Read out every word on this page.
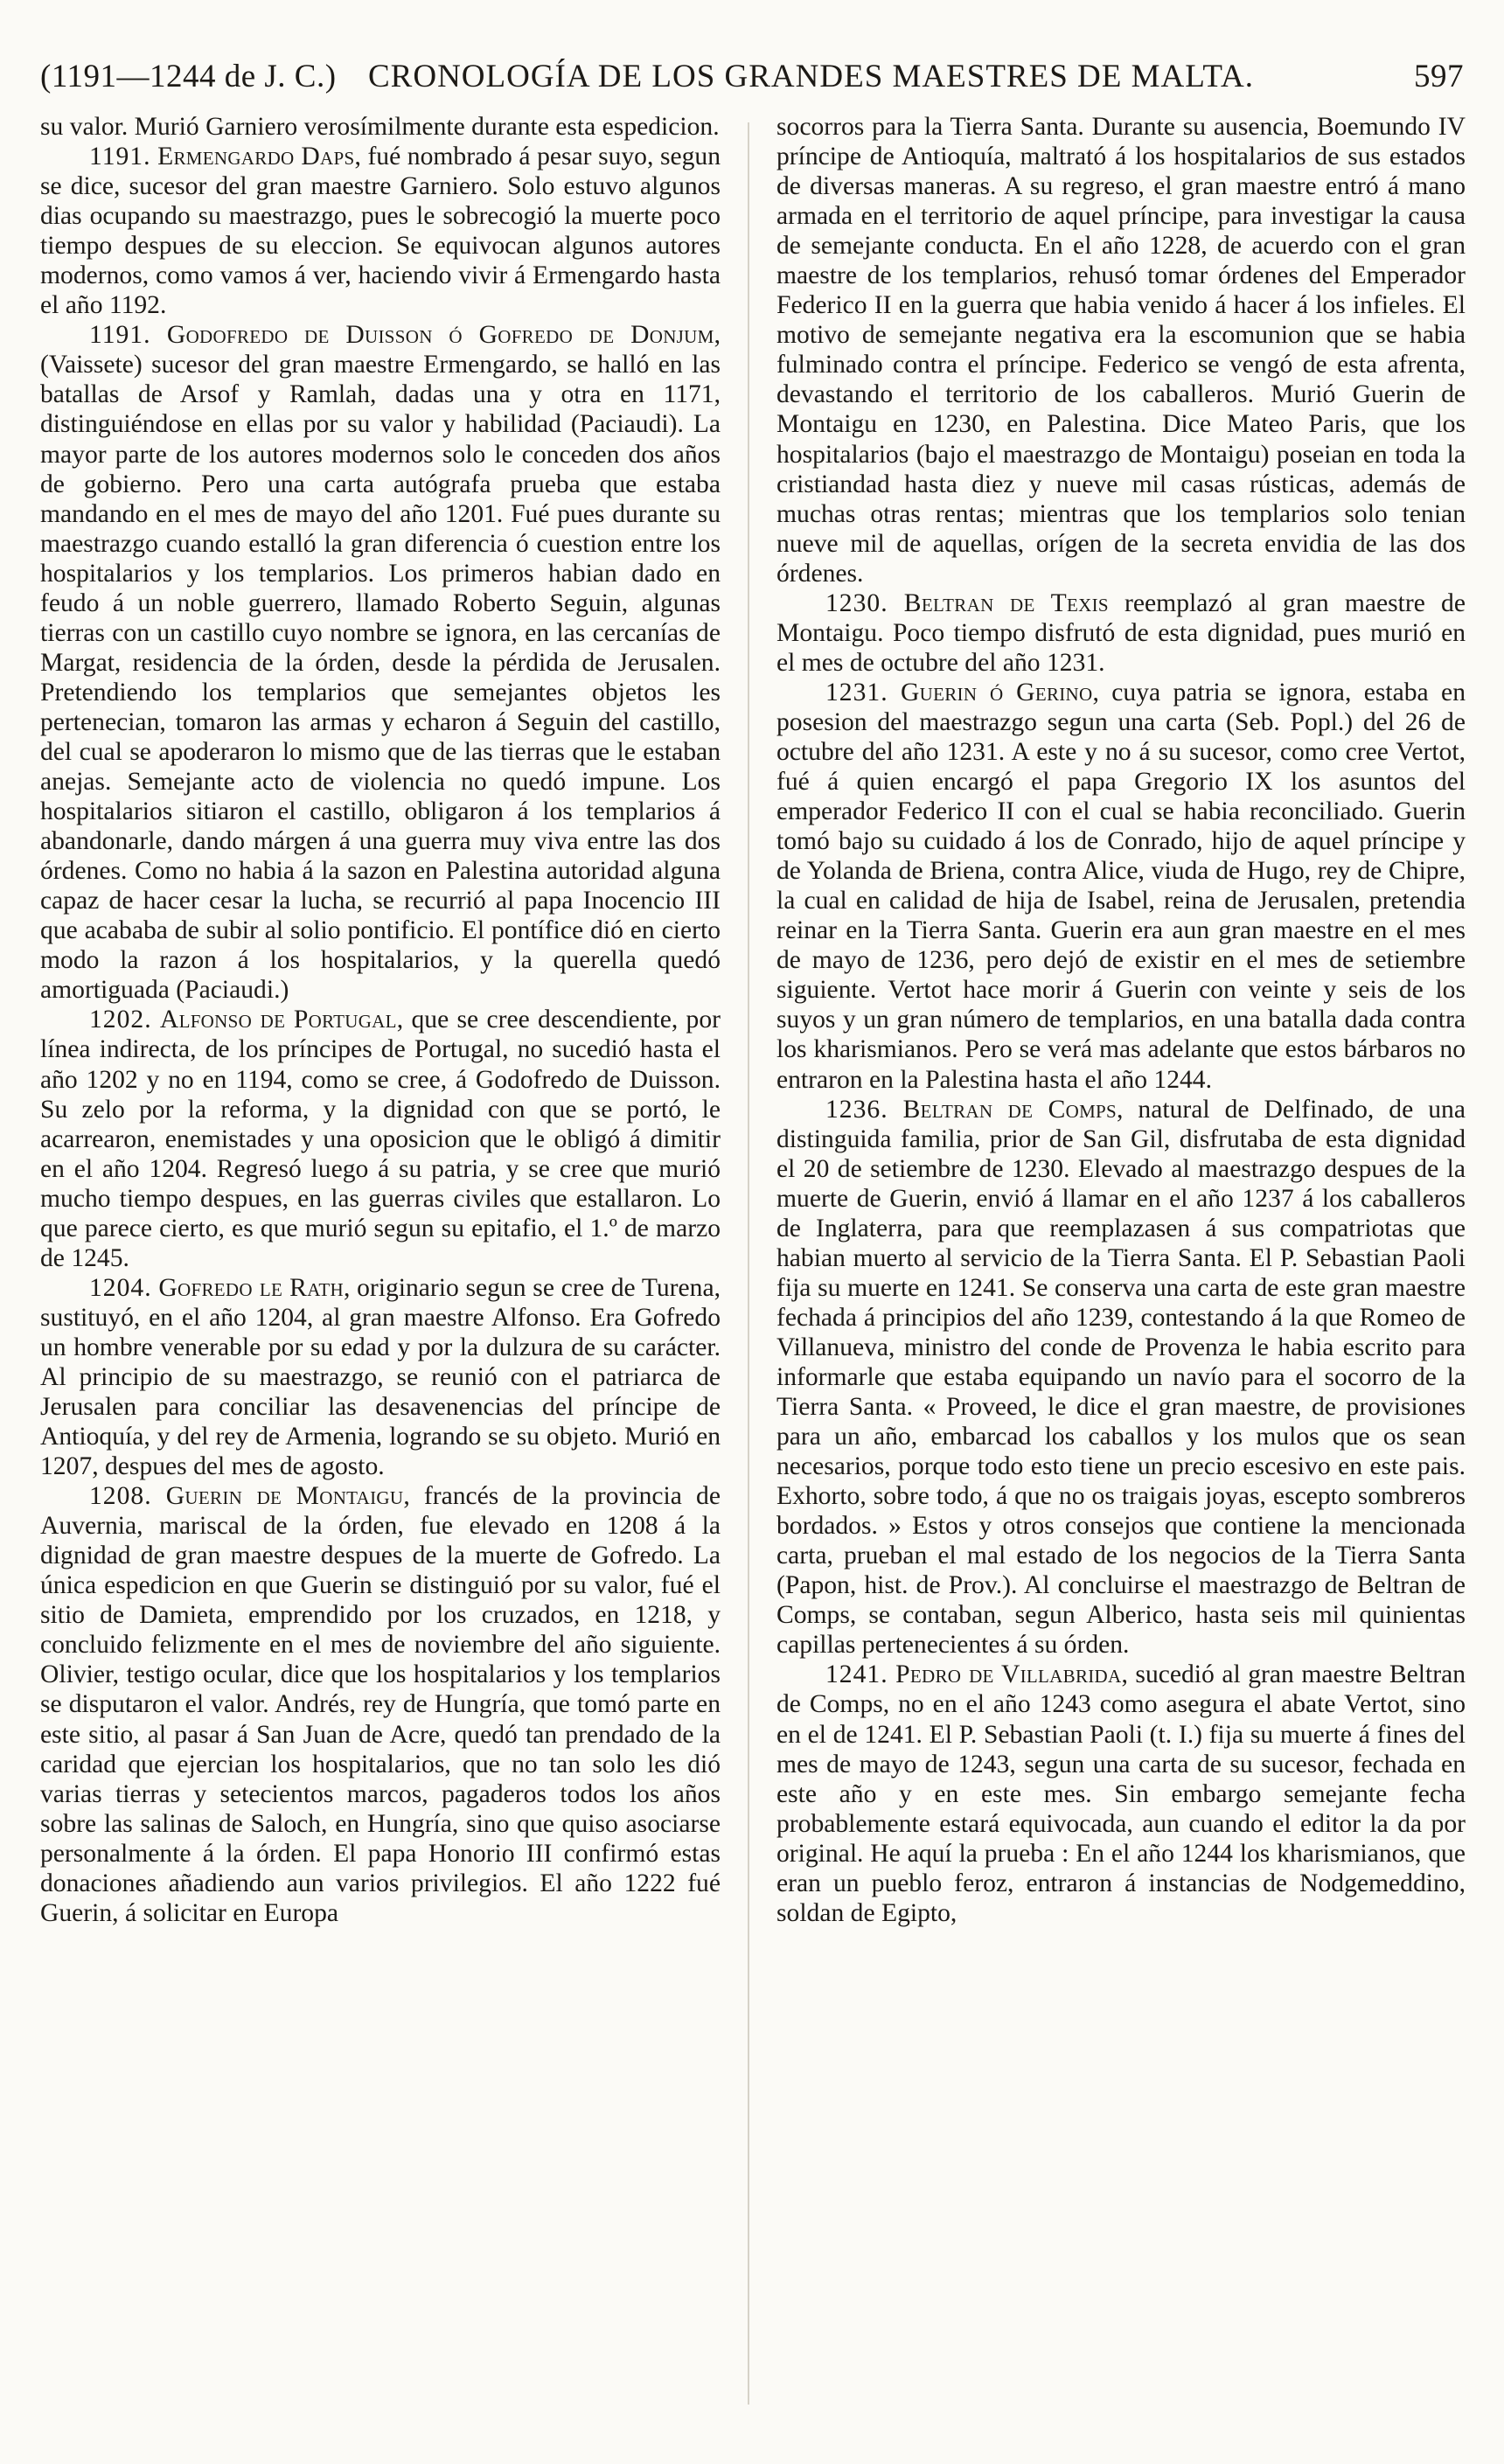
(1191—1244 de J. C.) CRONOLOGÍA DE LOS GRANDES MAESTRES DE MALTA.	597

su valor. Murió Garniero verosímilmente durante esta espedicion.

1191. Ermengardo Daps, fué nombrado á pesar suyo, segun se dice, sucesor del gran maestre Garniero. Solo estuvo algunos dias ocupando su maestrazgo, pues le sobrecogió la muerte poco tiempo despues de su eleccion. Se equivocan algunos autores modernos, como vamos á ver, haciendo vivir á Ermengardo hasta el año 1192.

1191. Godofredo de Duisson ó Gofredo de Donjum, (Vaissete) sucesor del gran maestre Ermengardo, se halló en las batallas de Arsof y Ramlah, dadas una y otra en 1171, distinguiéndose en ellas por su valor y habilidad (Paciaudi). La mayor parte de los autores modernos solo le conceden dos años de gobierno. Pero una carta autógrafa prueba que estaba mandando en el mes de mayo del año 1201. Fué pues durante su maestrazgo cuando estalló la gran diferencia ó cuestion entre los hospitalarios y los templarios. Los primeros habian dado en feudo á un noble guerrero, llamado Roberto Seguin, algunas tierras con un castillo cuyo nombre se ignora, en las cercanías de Margat, residencia de la órden, desde la pérdida de Jerusalen. Pretendiendo los templarios que semejantes objetos les pertenecian, tomaron las armas y echaron á Seguin del castillo, del cual se apoderaron lo mismo que de las tierras que le estaban anejas. Semejante acto de violencia no quedó impune. Los hospitalarios sitiaron el castillo, obligaron á los templarios á abandonarle, dando márgen á una guerra muy viva entre las dos órdenes. Como no habia á la sazon en Palestina autoridad alguna capaz de hacer cesar la lucha, se recurrió al papa Inocencio III que acababa de subir al solio pontificio. El pontífice dió en cierto modo la razon á los hospitalarios, y la querella quedó amortiguada (Paciaudi.)

1202. Alfonso de Portugal, que se cree descendiente, por línea indirecta, de los príncipes de Portugal, no sucedió hasta el año 1202 y no en 1194, como se cree, á Godofredo de Duisson. Su zelo por la reforma, y la dignidad con que se portó, le acarrearon, enemistades y una oposicion que le obligó á dimitir en el año 1204. Regresó luego á su patria, y se cree que murió mucho tiempo despues, en las guerras civiles que estallaron. Lo que parece cierto, es que murió segun su epitafio, el 1.º de marzo de 1245.

1204. Gofredo le Rath, originario segun se cree de Turena, sustituyó, en el año 1204, al gran maestre Alfonso. Era Gofredo un hombre venerable por su edad y por la dulzura de su carácter. Al principio de su maestrazgo, se reunió con el patriarca de Jerusalen para conciliar las desavenencias del príncipe de Antioquía, y del rey de Armenia, logrando se su objeto. Murió en 1207, despues del mes de agosto.

1208. Guerin de Montaigu, francés de la provincia de Auvernia, mariscal de la órden, fue elevado en 1208 á la dignidad de gran maestre despues de la muerte de Gofredo. La única espedicion en que Guerin se distinguió por su valor, fué el sitio de Damieta, emprendido por los cruzados, en 1218, y concluido felizmente en el mes de noviembre del año siguiente. Olivier, testigo ocular, dice que los hospitalarios y los templarios se disputaron el valor. Andrés, rey de Hungría, que tomó parte en este sitio, al pasar á San Juan de Acre, quedó tan prendado de la caridad que ejercian los hospitalarios, que no tan solo les dió varias tierras y setecientos marcos, pagaderos todos los años sobre las salinas de Saloch, en Hungría, sino que quiso asociarse personalmente á la órden. El papa Honorio III confirmó estas donaciones añadiendo aun varios privilegios. El año 1222 fué Guerin, á solicitar en Europa

socorros para la Tierra Santa. Durante su ausencia, Boemundo IV príncipe de Antioquía, maltrató á los hospitalarios de sus estados de diversas maneras. A su regreso, el gran maestre entró á mano armada en el territorio de aquel príncipe, para investigar la causa de semejante conducta. En el año 1228, de acuerdo con el gran maestre de los templarios, rehusó tomar órdenes del Emperador Federico II en la guerra que habia venido á hacer á los infieles. El motivo de semejante negativa era la escomunion que se habia fulminado contra el príncipe. Federico se vengó de esta afrenta, devastando el territorio de los caballeros. Murió Guerin de Montaigu en 1230, en Palestina. Dice Mateo Paris, que los hospitalarios (bajo el maestrazgo de Montaigu) poseian en toda la cristiandad hasta diez y nueve mil casas rústicas, además de muchas otras rentas; mientras que los templarios solo tenian nueve mil de aquellas, orígen de la secreta envidia de las dos órdenes.

1230. Beltran de Texis reemplazó al gran maestre de Montaigu. Poco tiempo disfrutó de esta dignidad, pues murió en el mes de octubre del año 1231.

1231. Guerin ó Gerino, cuya patria se ignora, estaba en posesion del maestrazgo segun una carta (Seb. Popl.) del 26 de octubre del año 1231. A este y no á su sucesor, como cree Vertot, fué á quien encargó el papa Gregorio IX los asuntos del emperador Federico II con el cual se habia reconciliado. Guerin tomó bajo su cuidado á los de Conrado, hijo de aquel príncipe y de Yolanda de Briena, contra Alice, viuda de Hugo, rey de Chipre, la cual en calidad de hija de Isabel, reina de Jerusalen, pretendia reinar en la Tierra Santa. Guerin era aun gran maestre en el mes de mayo de 1236, pero dejó de existir en el mes de setiembre siguiente. Vertot hace morir á Guerin con veinte y seis de los suyos y un gran número de templarios, en una batalla dada contra los kharismianos. Pero se verá mas adelante que estos bárbaros no entraron en la Palestina hasta el año 1244.

1236. Beltran de Comps, natural de Delfinado, de una distinguida familia, prior de San Gil, disfrutaba de esta dignidad el 20 de setiembre de 1230. Elevado al maestrazgo despues de la muerte de Guerin, envió á llamar en el año 1237 á los caballeros de Inglaterra, para que reemplazasen á sus compatriotas que habian muerto al servicio de la Tierra Santa. El P. Sebastian Paoli fija su muerte en 1241. Se conserva una carta de este gran maestre fechada á principios del año 1239, contestando á la que Romeo de Villanueva, ministro del conde de Provenza le habia escrito para informarle que estaba equipando un navío para el socorro de la Tierra Santa. « Proveed, le dice el gran maestre, de provisiones para un año, embarcad los caballos y los mulos que os sean necesarios, porque todo esto tiene un precio escesivo en este pais. Exhorto, sobre todo, á que no os traigais joyas, escepto sombreros bordados. » Estos y otros consejos que contiene la mencionada carta, prueban el mal estado de los negocios de la Tierra Santa (Papon, hist. de Prov.). Al concluirse el maestrazgo de Beltran de Comps, se contaban, segun Alberico, hasta seis mil quinientas capillas pertenecientes á su órden.

1241. Pedro de Villabrida, sucedió al gran maestre Beltran de Comps, no en el año 1243 como asegura el abate Vertot, sino en el de 1241. El P. Sebastian Paoli (t. I.) fija su muerte á fines del mes de mayo de 1243, segun una carta de su sucesor, fechada en este año y en este mes. Sin embargo semejante fecha probablemente estará equivocada, aun cuando el editor la da por original. He aquí la prueba : En el año 1244 los kharismianos, que eran un pueblo feroz, entraron á instancias de Nodgemeddino, soldan de Egipto,
